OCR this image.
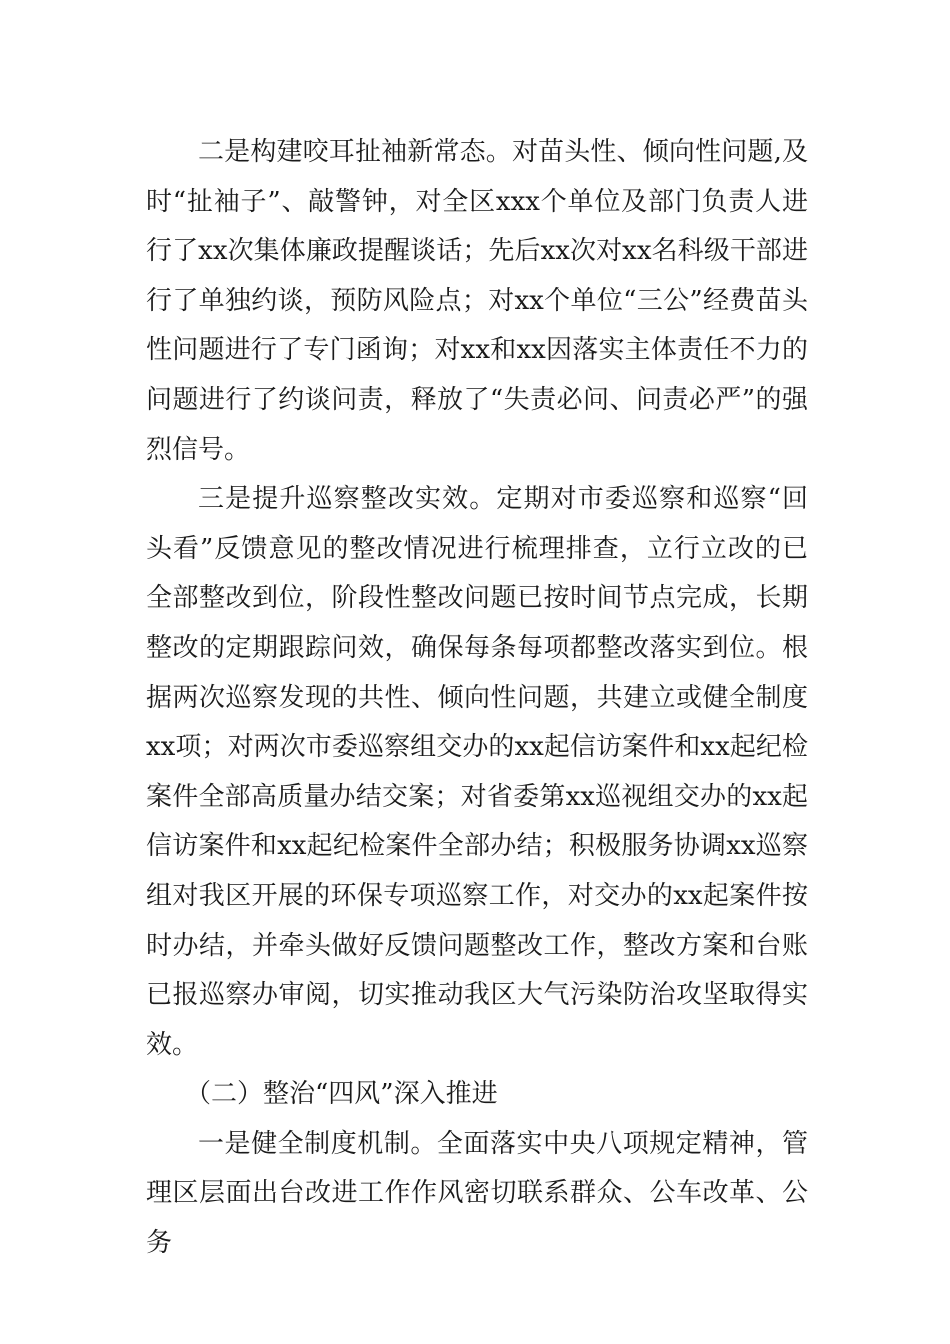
二是构建咬耳扯袖新常态。对苗头性、倾向性问题,及时“扯袖子”、敲警钟，对全区xxx个单位及部门负责人进行了xx次集体廉政提醒谈话；先后xx次对xx名科级干部进行了单独约谈，预防风险点；对xx个单位“三公”经费苗头性问题进行了专门函询；对xx和xx因落实主体责任不力的问题进行了约谈问责，释放了“失责必问、问责必严”的强烈信号。

三是提升巡察整改实效。定期对市委巡察和巡察“回头看”反馈意见的整改情况进行梳理排查，立行立改的已全部整改到位，阶段性整改问题已按时间节点完成，长期整改的定期跟踪问效，确保每条每项都整改落实到位。根据两次巡察发现的共性、倾向性问题，共建立或健全制度xx项；对两次市委巡察组交办的xx起信访案件和xx起纪检案件全部高质量办结交案；对省委第xx巡视组交办的xx起信访案件和xx起纪检案件全部办结；积极服务协调xx巡察组对我区开展的环保专项巡察工作，对交办的xx起案件按时办结，并牵头做好反馈问题整改工作，整改方案和台账已报巡察办审阅，切实推动我区大气污染防治攻坚取得实效。

（二）整治“四风”深入推进

一是健全制度机制。全面落实中央八项规定精神，管理区层面出台改进工作作风密切联系群众、公车改革、公务
